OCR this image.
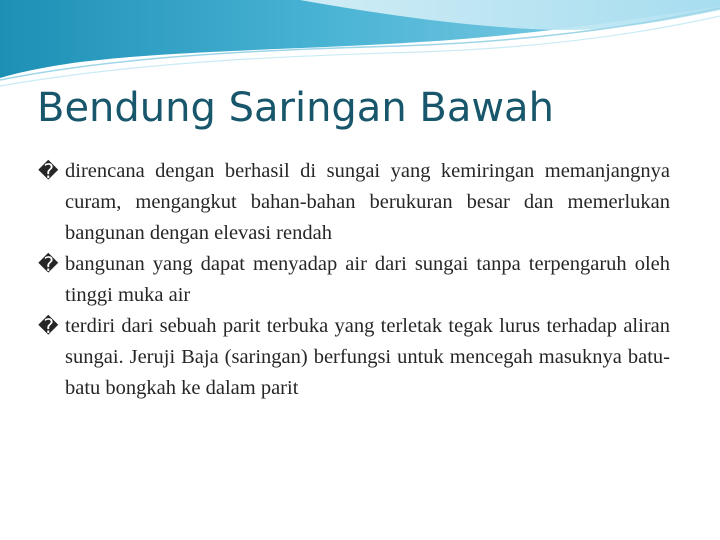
Bendung Saringan Bawah
� direncana dengan berhasil di sungai yang kemiringan memanjangnya curam, mengangkut bahan-bahan berukuran besar dan memerlukan bangunan dengan elevasi rendah
� bangunan yang dapat menyadap air dari sungai tanpa terpengaruh oleh tinggi muka air
� terdiri dari sebuah parit terbuka yang terletak tegak lurus terhadap aliran sungai. Jeruji Baja (saringan) berfungsi untuk mencegah masuknya batu-batu bongkah ke dalam parit
